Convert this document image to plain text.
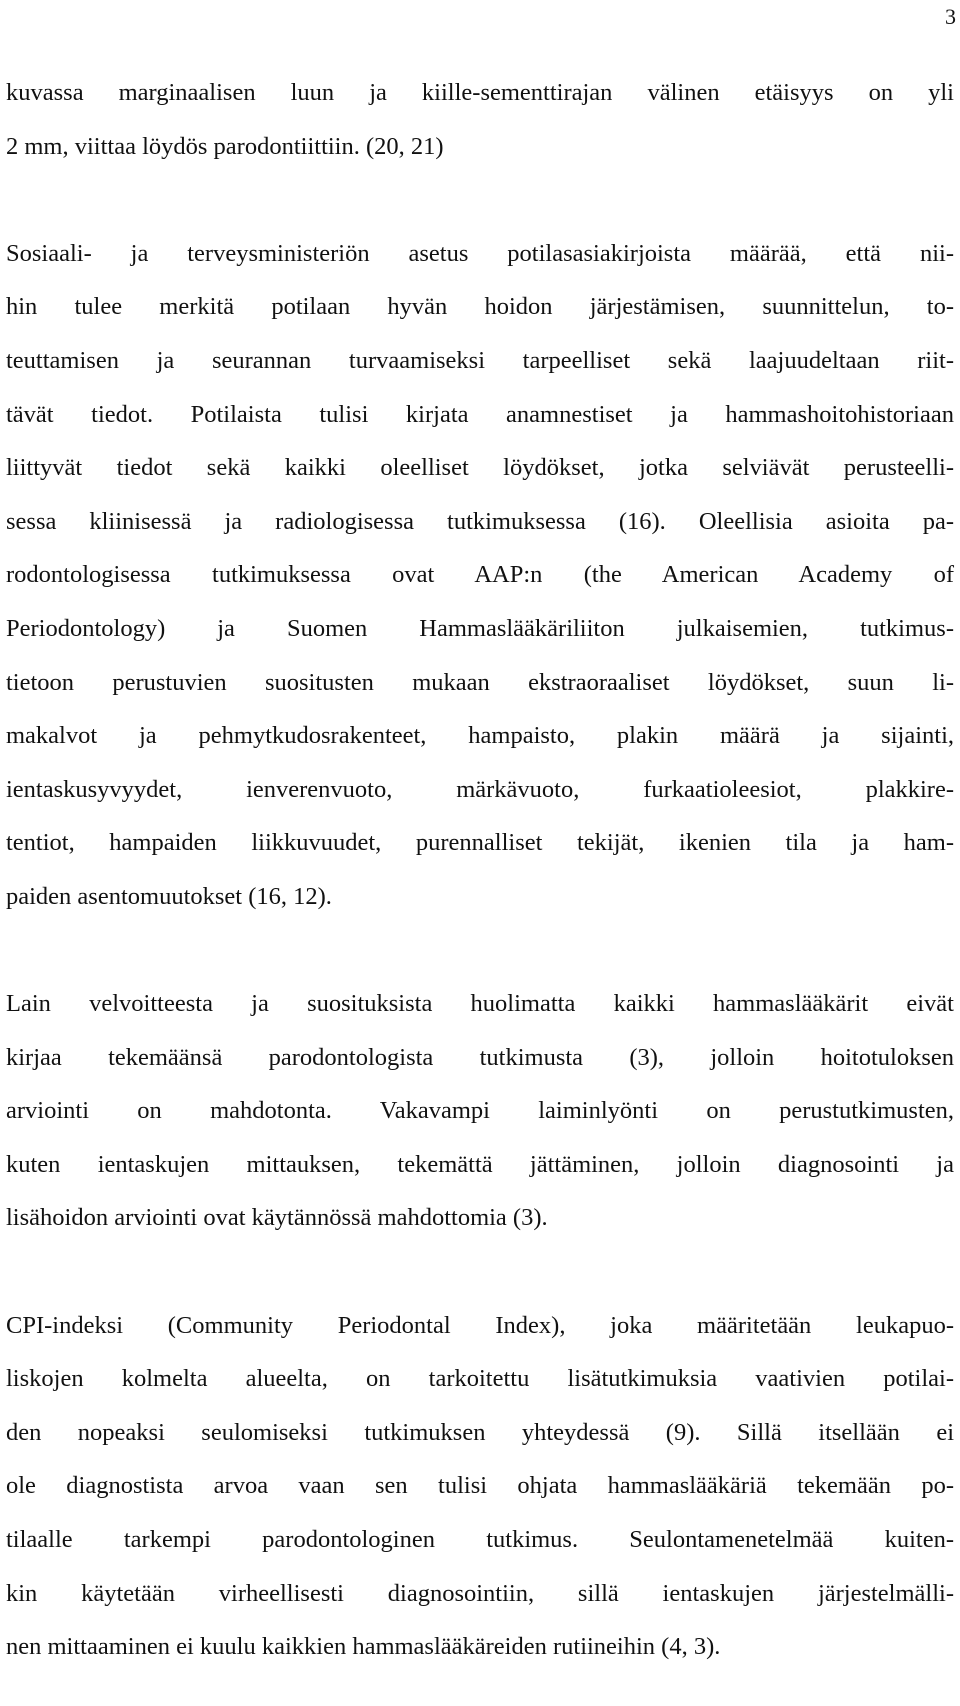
3

kuvassa marginaalisen luun ja kiille-sementtirajan välinen etäisyys on yli
2 mm, viittaa löydös parodontiittiin. (20, 21)

Sosiaali- ja terveysministeriön asetus potilasasiakirjoista määrää, että nii-
hin tulee merkitä potilaan hyvän hoidon järjestämisen, suunnittelun, to-
teuttamisen ja seurannan turvaamiseksi tarpeelliset sekä laajuudeltaan riit-
tävät tiedot. Potilaista tulisi kirjata anamnestiset ja hammashoitohistoriaan
liittyvät tiedot sekä kaikki oleelliset löydökset, jotka selviävät perusteelli-
sessa kliinisessä ja radiologisessa tutkimuksessa (16). Oleellisia asioita pa-
rodontologisessa tutkimuksessa ovat AAP:n (the American Academy of
Periodontology) ja Suomen Hammaslääkäriliiton julkaisemien, tutkimus-
tietoon perustuvien suositusten mukaan ekstraoraaliset löydökset, suun li-
makalvot ja pehmytkudosrakenteet, hampaisto, plakin määrä ja sijainti,
ientaskusyvyydet, ienverenvuoto, märkävuoto, furkaatioleesiot, plakkire-
tentiot, hampaiden liikkuvuudet, purennalliset tekijät, ikenien tila ja ham-
paiden asentomuutokset (16, 12).

Lain velvoitteesta ja suosituksista huolimatta kaikki hammaslääkärit eivät
kirjaa tekemäänsä parodontologista tutkimusta (3), jolloin hoitotuloksen
arviointi on mahdotonta. Vakavampi laiminlyönti on perustutkimusten,
kuten ientaskujen mittauksen, tekemättä jättäminen, jolloin diagnosointi ja
lisähoidon arviointi ovat käytännössä mahdottomia (3).

CPI-indeksi (Community Periodontal Index), joka määritetään leukapuo-
liskojen kolmelta alueelta, on tarkoitettu lisätutkimuksia vaativien potilai-
den nopeaksi seulomiseksi tutkimuksen yhteydessä (9). Sillä itsellään ei
ole diagnostista arvoa vaan sen tulisi ohjata hammaslääkäriä tekemään po-
tilaalle tarkempi parodontologinen tutkimus. Seulontamenetelmää kuiten-
kin käytetään virheellisesti diagnosointiin, sillä ientaskujen järjestelmälli-
nen mittaaminen ei kuulu kaikkien hammaslääkäreiden rutiineihin (4, 3).
